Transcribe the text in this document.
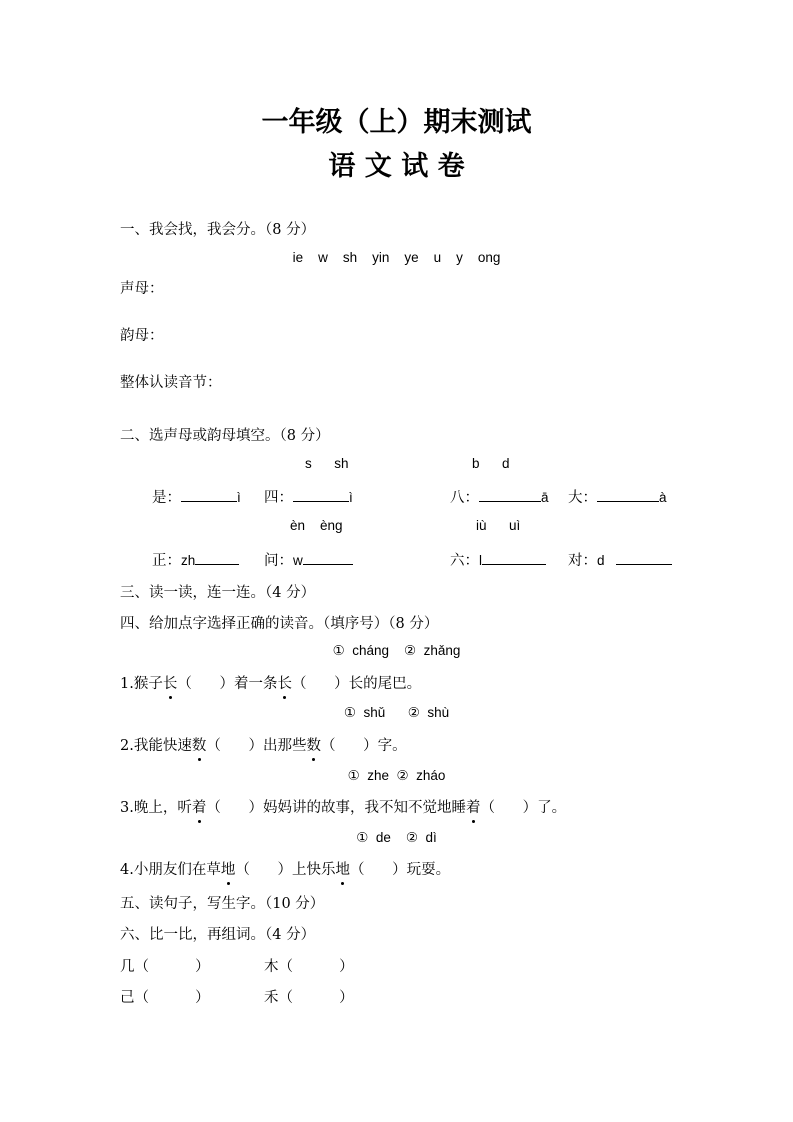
一年级（上）期末测试
语 文 试 卷
一、我会找，我会分。（8 分）
ie    w    sh    yin    ye    u    y    ong
声母：
韵母：
整体认读音节：
二、选声母或韵母填空。（8 分）
s      sh	b      d
是：	ì 四：	ì	八：	ā 大：	à
èn    èng	iù      uì
正：zh	问：w	六：l	对：d
三、读一读，连一连。（4 分）
四、给加点字选择正确的读音。（填序号）（8 分）
①  cháng    ②  zhǎng
1.猴子长（      ）着一条长（      ）长的尾巴。
①  shǔ      ②  shù
2.我能快速数（      ）出那些数（      ）字。
①  zhe  ②  zháo
3.晚上，听着（      ）妈妈讲的故事，我不知不觉地睡着（      ）了。
①  de    ②  dì
4.小朋友们在草地（      ）上快乐地（      ）玩耍。
五、读句子，写生字。（10 分）
六、比一比，再组词。（4 分）
几（          ）	木（          ）
己（          ）	禾（          ）
